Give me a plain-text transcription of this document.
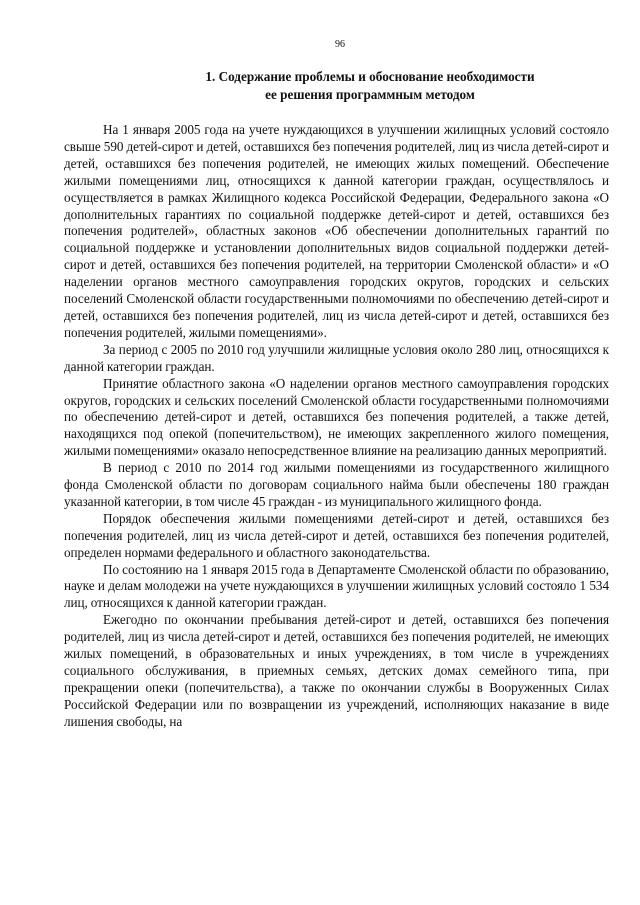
96
1. Содержание проблемы и обоснование необходимости
ее решения программным методом

На 1 января 2005 года на учете нуждающихся в улучшении жилищных условий состояло свыше 590 детей-сирот и детей, оставшихся без попечения родителей, лиц из числа детей-сирот и детей, оставшихся без попечения родителей, не имеющих жилых помещений. Обеспечение жилыми помещениями лиц, относящихся к данной категории граждан, осуществлялось и осуществляется в рамках Жилищного кодекса Российской Федерации, Федерального закона «О дополнительных гарантиях по социальной поддержке детей-сирот и детей, оставшихся без попечения родителей», областных законов «Об обеспечении дополнительных гарантий по социальной поддержке и установлении дополнительных видов социальной поддержки детей-сирот и детей, оставшихся без попечения родителей, на территории Смоленской области» и «О наделении органов местного самоуправления городских округов, городских и сельских поселений Смоленской области государственными полномочиями по обеспечению детей-сирот и детей, оставшихся без попечения родителей, лиц из числа детей-сирот и детей, оставшихся без попечения родителей, жилыми помещениями».

За период с 2005 по 2010 год улучшили жилищные условия около 280 лиц, относящихся к данной категории граждан.

Принятие областного закона «О наделении органов местного самоуправления городских округов, городских и сельских поселений Смоленской области государственными полномочиями по обеспечению детей-сирот и детей, оставшихся без попечения родителей, а также детей, находящихся под опекой (попечительством), не имеющих закрепленного жилого помещения, жилыми помещениями» оказало непосредственное влияние на реализацию данных мероприятий.

В период с 2010 по 2014 год жилыми помещениями из государственного жилищного фонда Смоленской области по договорам социального найма были обеспечены 180 граждан указанной категории, в том числе 45 граждан - из муниципального жилищного фонда.

Порядок обеспечения жилыми помещениями детей-сирот и детей, оставшихся без попечения родителей, лиц из числа детей-сирот и детей, оставшихся без попечения родителей, определен нормами федерального и областного законодательства.

По состоянию на 1 января 2015 года в Департаменте Смоленской области по образованию, науке и делам молодежи на учете нуждающихся в улучшении жилищных условий состояло 1 534 лиц, относящихся к данной категории граждан.

Ежегодно по окончании пребывания детей-сирот и детей, оставшихся без попечения родителей, лиц из числа детей-сирот и детей, оставшихся без попечения родителей, не имеющих жилых помещений, в образовательных и иных учреждениях, в том числе в учреждениях социального обслуживания, в приемных семьях, детских домах семейного типа, при прекращении опеки (попечительства), а также по окончании службы в Вооруженных Силах Российской Федерации или по возвращении из учреждений, исполняющих наказание в виде лишения свободы, на
